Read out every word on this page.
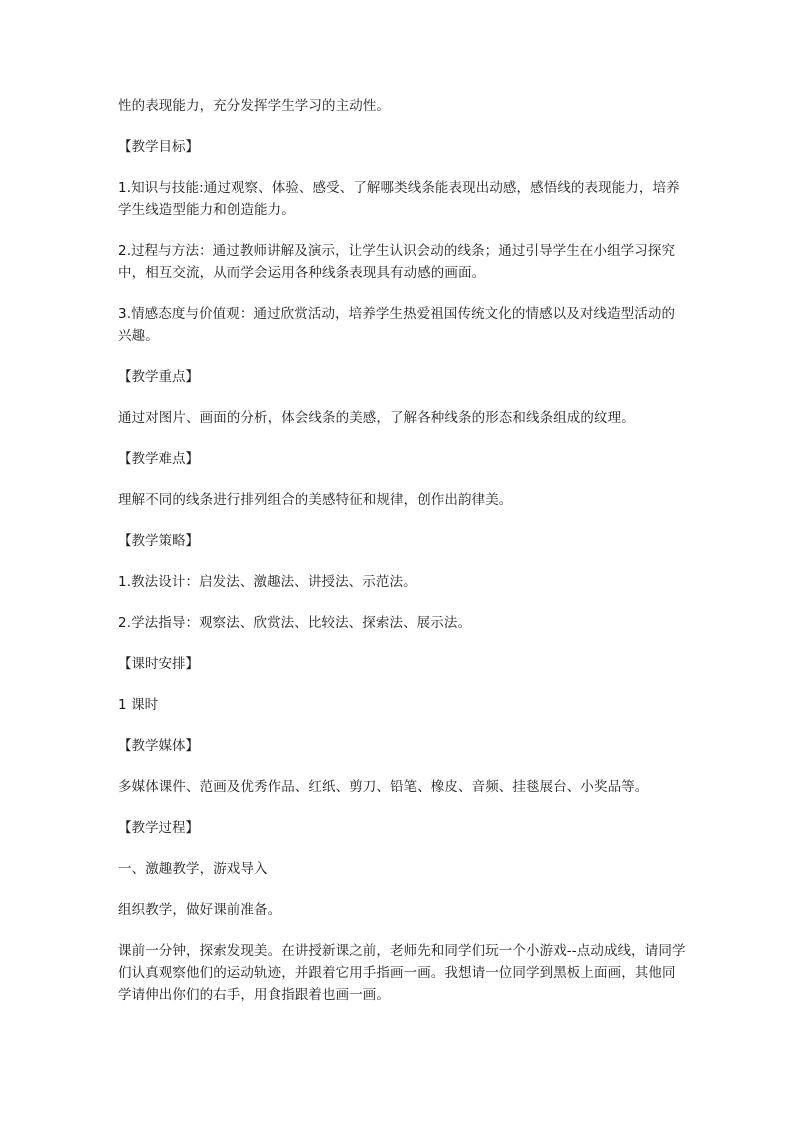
性的表现能力，充分发挥学生学习的主动性。

【教学目标】

1.知识与技能:通过观察、体验、感受、了解哪类线条能表现出动感，感悟线的表现能力，培养学生线造型能力和创造能力。

2.过程与方法：通过教师讲解及演示，让学生认识会动的线条；通过引导学生在小组学习探究中，相互交流，从而学会运用各种线条表现具有动感的画面。

3.情感态度与价值观：通过欣赏活动，培养学生热爱祖国传统文化的情感以及对线造型活动的兴趣。

【教学重点】

通过对图片、画面的分析，体会线条的美感，了解各种线条的形态和线条组成的纹理。

【教学难点】

理解不同的线条进行排列组合的美感特征和规律，创作出韵律美。

【教学策略】

1.教法设计：启发法、激趣法、讲授法、示范法。

2.学法指导：观察法、欣赏法、比较法、探索法、展示法。

【课时安排】

1 课时

【教学媒体】

多媒体课件、范画及优秀作品、红纸、剪刀、铅笔、橡皮、音频、挂毯展台、小奖品等。

【教学过程】

一、激趣教学，游戏导入

组织教学，做好课前准备。

课前一分钟，探索发现美。在讲授新课之前，老师先和同学们玩一个小游戏--点动成线，请同学们认真观察他们的运动轨迹，并跟着它用手指画一画。我想请一位同学到黑板上面画，其他同学请伸出你们的右手，用食指跟着也画一画。
